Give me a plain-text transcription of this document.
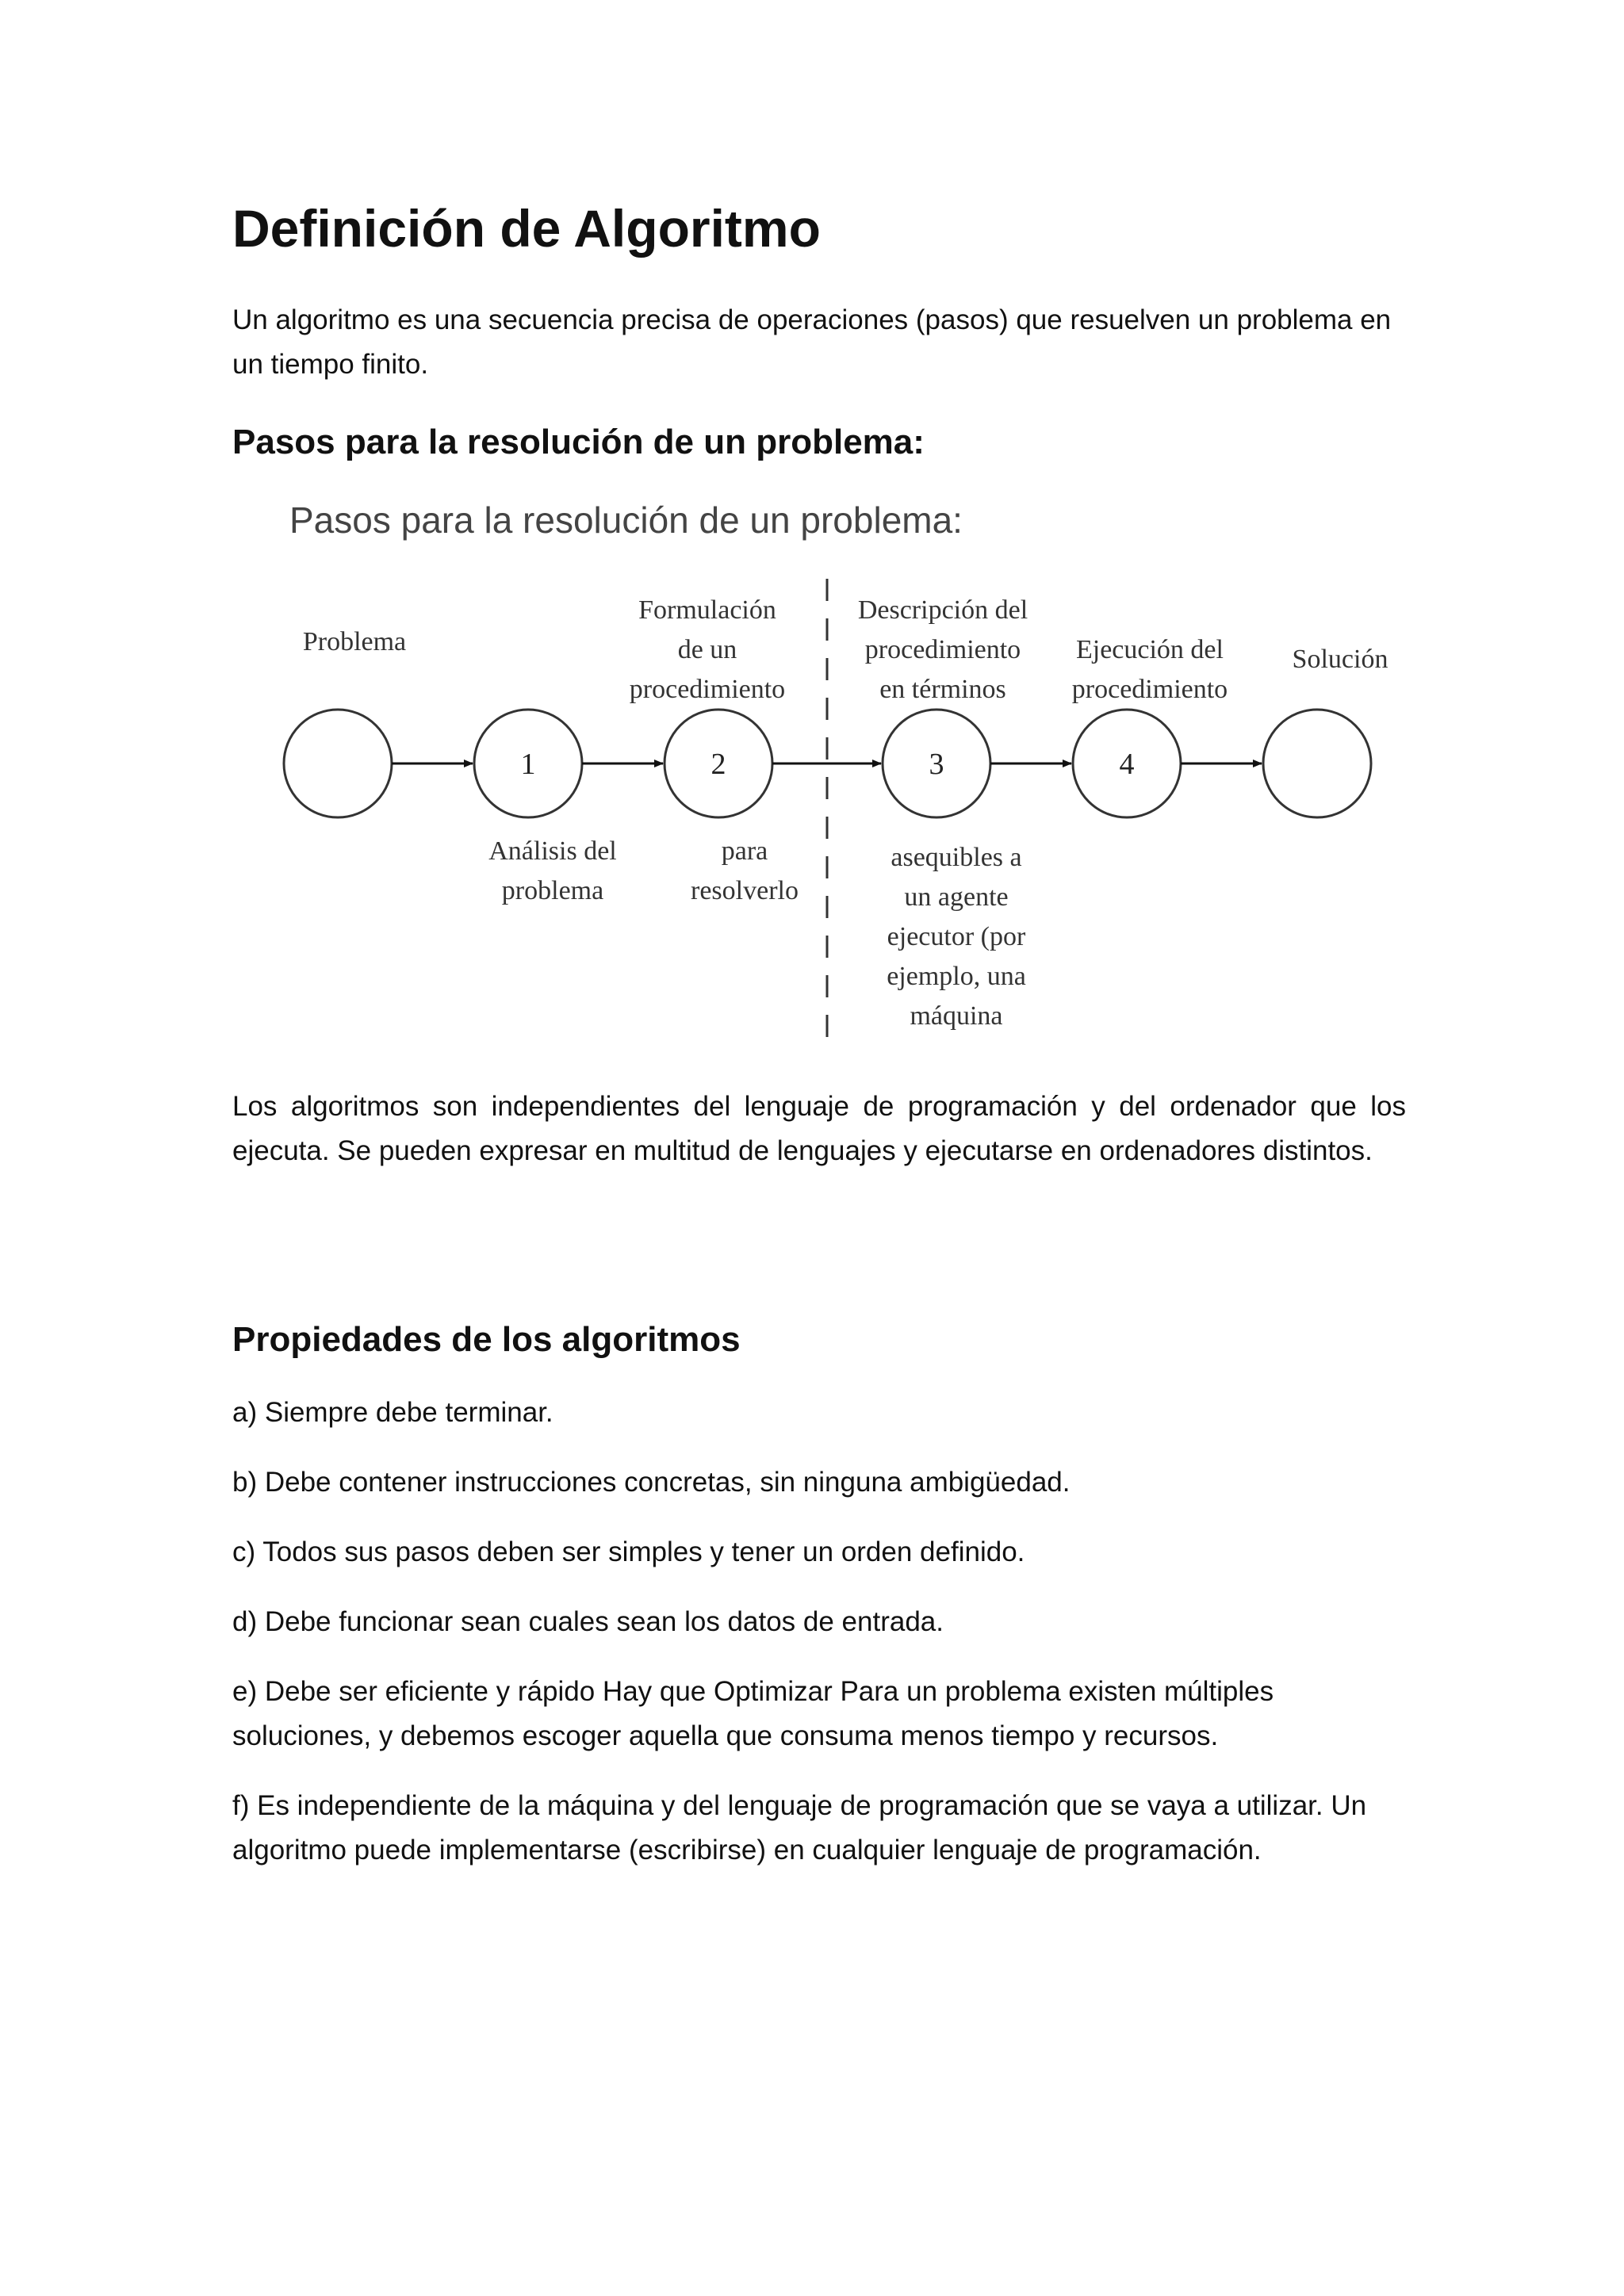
Definición de Algoritmo

Un algoritmo es una secuencia precisa de operaciones (pasos) que resuelven un problema en un tiempo finito.

Pasos para la resolución de un problema:
Pasos para la resolución de un problema:
1	2	3	4
Problema
Análisis del
problema
Formulación
de un
procedimiento
para
resolverlo
Descripción del
procedimiento
en términos
asequibles a
un agente
ejecutor (por
ejemplo, una
máquina
Ejecución del
procedimiento
Solución

Los algoritmos son independientes del lenguaje de programación y del ordenador que los ejecuta. Se pueden expresar en multitud de lenguajes y ejecutarse en ordenadores distintos.

Propiedades de los algoritmos
a) Siempre debe terminar.
b) Debe contener instrucciones concretas, sin ninguna ambigüedad.
c) Todos sus pasos deben ser simples y tener un orden definido.
d) Debe funcionar sean cuales sean los datos de entrada.
e) Debe ser eficiente y rápido Hay que Optimizar Para un problema existen múltiples soluciones, y debemos escoger aquella que consuma menos tiempo y recursos.
f) Es independiente de la máquina y del lenguaje de programación que se vaya a utilizar. Un algoritmo puede implementarse (escribirse) en cualquier lenguaje de programación.
